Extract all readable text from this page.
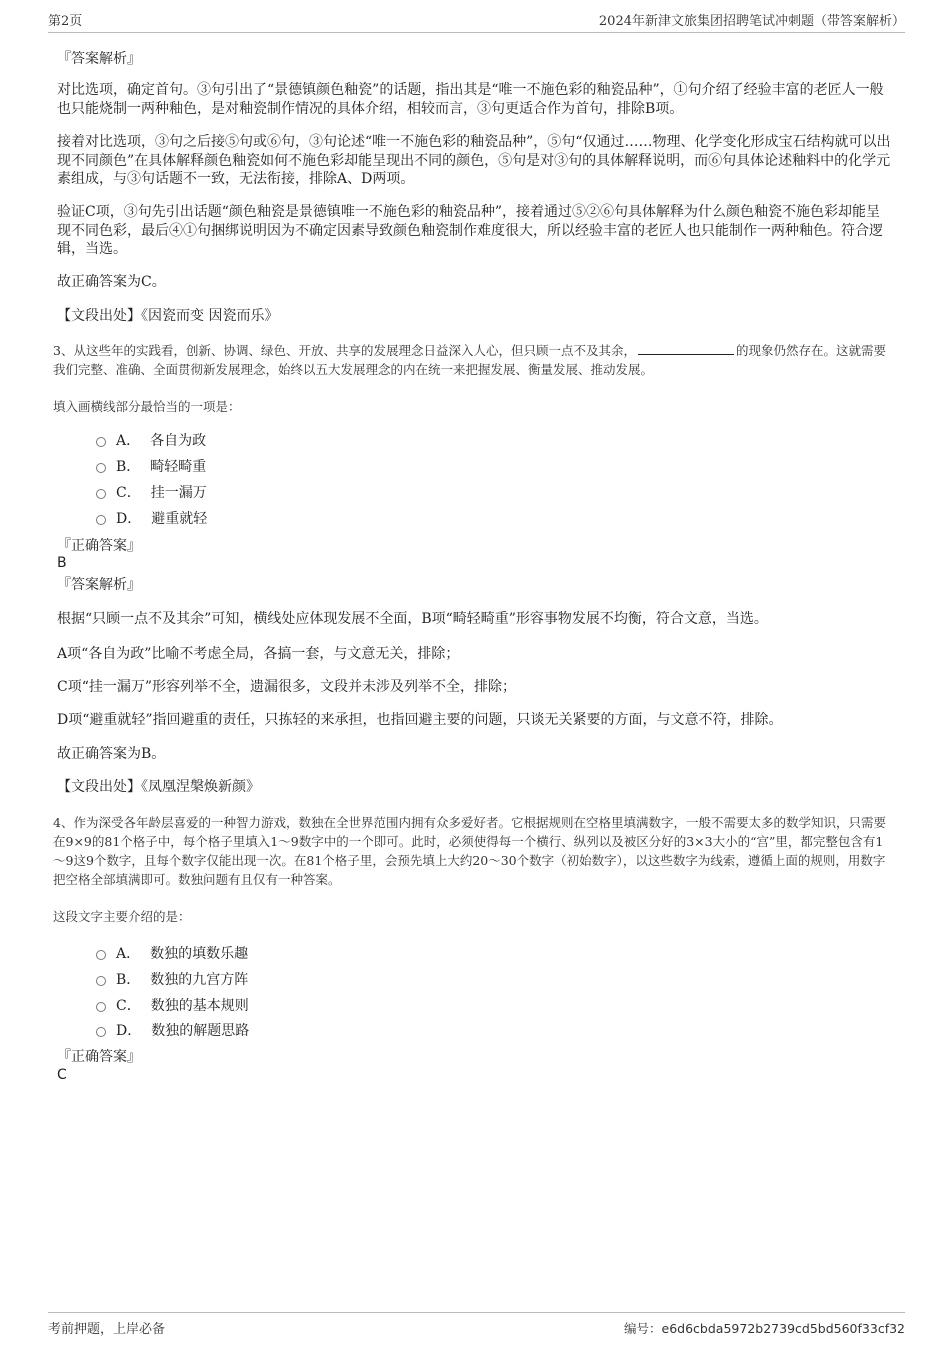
第2页	2024年新津文旅集团招聘笔试冲刺题（带答案解析）
『答案解析』
对比选项，确定首句。③句引出了“景德镇颜色釉瓷”的话题，指出其是“唯一不施色彩的釉瓷品种”，①句介绍了经验丰富的老匠人一般也只能烧制一两种釉色，是对釉瓷制作情况的具体介绍，相较而言，③句更适合作为首句，排除B项。
接着对比选项，③句之后接⑤句或⑥句，③句论述“唯一不施色彩的釉瓷品种”，⑤句“仅通过……物理、化学变化形成宝石结构就可以出现不同颜色”在具体解释颜色釉瓷如何不施色彩却能呈现出不同的颜色，⑤句是对③句的具体解释说明，而⑥句具体论述釉料中的化学元素组成，与③句话题不一致，无法衔接，排除A、D两项。
验证C项，③句先引出话题“颜色釉瓷是景德镇唯一不施色彩的釉瓷品种”，接着通过⑤②⑥句具体解释为什么颜色釉瓷不施色彩却能呈现不同色彩，最后④①句捆绑说明因为不确定因素导致颜色釉瓷制作难度很大，所以经验丰富的老匠人也只能制作一两种釉色。符合逻辑，当选。
故正确答案为C。
【文段出处】《因瓷而变 因瓷而乐》
3、从这些年的实践看，创新、协调、绿色、开放、共享的发展理念日益深入人心，但只顾一点不及其余，	的现象仍然存在。这就需要我们完整、准确、全面贯彻新发展理念，始终以五大发展理念的内在统一来把握发展、衡量发展、推动发展。
填入画横线部分最恰当的一项是：
A． 各自为政
B． 畸轻畸重
C． 挂一漏万
D． 避重就轻
『正确答案』
B
『答案解析』
根据“只顾一点不及其余”可知，横线处应体现发展不全面，B项“畸轻畸重”形容事物发展不均衡，符合文意，当选。
A项“各自为政”比喻不考虑全局，各搞一套，与文意无关，排除；
C项“挂一漏万”形容列举不全，遗漏很多，文段并未涉及列举不全，排除；
D项“避重就轻”指回避重的责任，只拣轻的来承担，也指回避主要的问题，只谈无关紧要的方面，与文意不符，排除。
故正确答案为B。
【文段出处】《凤凰涅槃焕新颜》
4、作为深受各年龄层喜爱的一种智力游戏，数独在全世界范围内拥有众多爱好者。它根据规则在空格里填满数字，一般不需要太多的数学知识，只需要在9×9的81个格子中，每个格子里填入1～9数字中的一个即可。此时，必须使得每一个横行、纵列以及被区分好的3×3大小的“宫”里，都完整包含有1～9这9个数字，且每个数字仅能出现一次。在81个格子里，会预先填上大约20～30个数字（初始数字），以这些数字为线索，遵循上面的规则，用数字把空格全部填满即可。数独问题有且仅有一种答案。
这段文字主要介绍的是：
A． 数独的填数乐趣
B． 数独的九宫方阵
C． 数独的基本规则
D． 数独的解题思路
『正确答案』
C
考前押题，上岸必备	编号：e6d6cbda5972b2739cd5bd560f33cf32
